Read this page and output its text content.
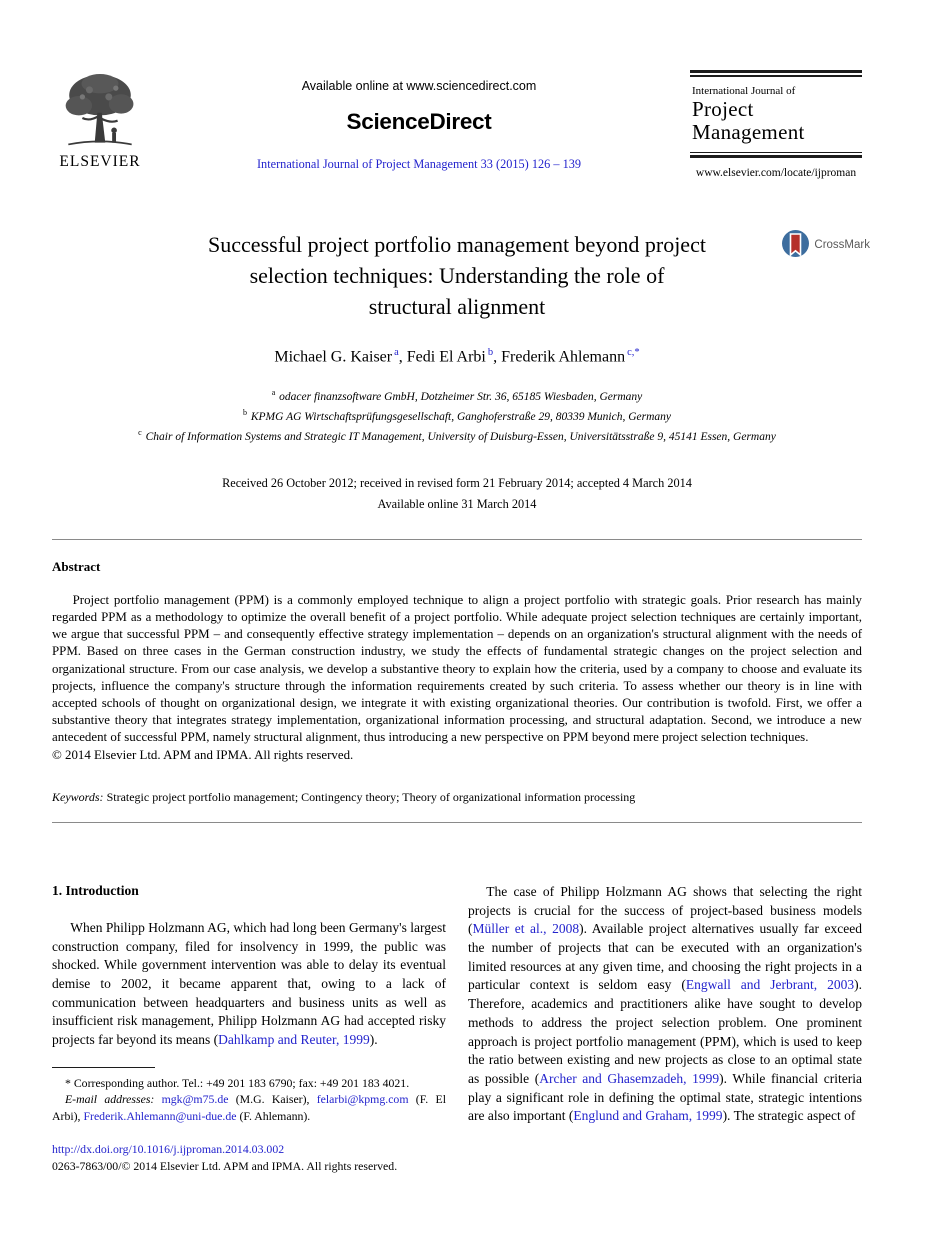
ELSEVIER
Available online at www.sciencedirect.com
ScienceDirect
International Journal of Project Management 33 (2015) 126 – 139
International Journal of
Project
Management
www.elsevier.com/locate/ijproman
CrossMark
Successful project portfolio management beyond project
selection techniques: Understanding the role of
structural alignment
Michael G. Kaiser $^a$, Fedi El Arbi $^b$, Frederik Ahlemann $^{c,*}$
$^a$ odacer finanzsoftware GmbH, Dotzheimer Str. 36, 65185 Wiesbaden, Germany
$^b$ KPMG AG Wirtschaftsprüfungsgesellschaft, Ganghoferstraße 29, 80339 Munich, Germany
$^c$ Chair of Information Systems and Strategic IT Management, University of Duisburg-Essen, Universitätsstraße 9, 45141 Essen, Germany
Received 26 October 2012; received in revised form 21 February 2014; accepted 4 March 2014
Available online 31 March 2014
Abstract

Project portfolio management (PPM) is a commonly employed technique to align a project portfolio with strategic goals. Prior research has mainly regarded PPM as a methodology to optimize the overall benefit of a project portfolio. While adequate project selection techniques are certainly important, we argue that successful PPM – and consequently effective strategy implementation – depends on an organization's structural alignment with the needs of PPM. Based on three cases in the German construction industry, we study the effects of fundamental strategic changes on the project selection and organizational structure. From our case analysis, we develop a substantive theory to explain how the criteria, used by a company to choose and evaluate its projects, influence the company's structure through the information requirements created by such criteria. To assess whether our theory is in line with accepted schools of thought on organizational design, we integrate it with existing organizational theories. Our contribution is twofold. First, we offer a substantive theory that integrates strategy implementation, organizational information processing, and structural adaptation. Second, we introduce a new antecedent of successful PPM, namely structural alignment, thus introducing a new perspective on PPM beyond mere project selection techniques.

© 2014 Elsevier Ltd. APM and IPMA. All rights reserved.

Keywords: Strategic project portfolio management; Contingency theory; Theory of organizational information processing
1. Introduction

When Philipp Holzmann AG, which had long been Germany's largest construction company, filed for insolvency in 1999, the public was shocked. While government intervention was able to delay its eventual demise to 2002, it became apparent that, owing to a lack of communication between headquarters and business units as well as insufficient risk management, Philipp Holzmann AG had accepted risky projects far beyond its means (Dahlkamp and Reuter, 1999).

* Corresponding author. Tel.: +49 201 183 6790; fax: +49 201 183 4021.

E-mail addresses: mgk@m75.de (M.G. Kaiser), felarbi@kpmg.com (F. El Arbi), Frederik.Ahlemann@uni-due.de (F. Ahlemann).

The case of Philipp Holzmann AG shows that selecting the right projects is crucial for the success of project-based business models (Müller et al., 2008). Available project alternatives usually far exceed the number of projects that can be executed with an organization's limited resources at any given time, and choosing the right projects in a particular context is seldom easy (Engwall and Jerbrant, 2003). Therefore, academics and practitioners alike have sought to develop methods to address the project selection problem. One prominent approach is project portfolio management (PPM), which is used to keep the ratio between existing and new projects as close to an optimal state as possible (Archer and Ghasemzadeh, 1999). While financial criteria play a significant role in defining the optimal state, strategic intentions are also important (Englund and Graham, 1999). The strategic aspect of

http://dx.doi.org/10.1016/j.ijproman.2014.03.002
0263-7863/00/© 2014 Elsevier Ltd. APM and IPMA. All rights reserved.
